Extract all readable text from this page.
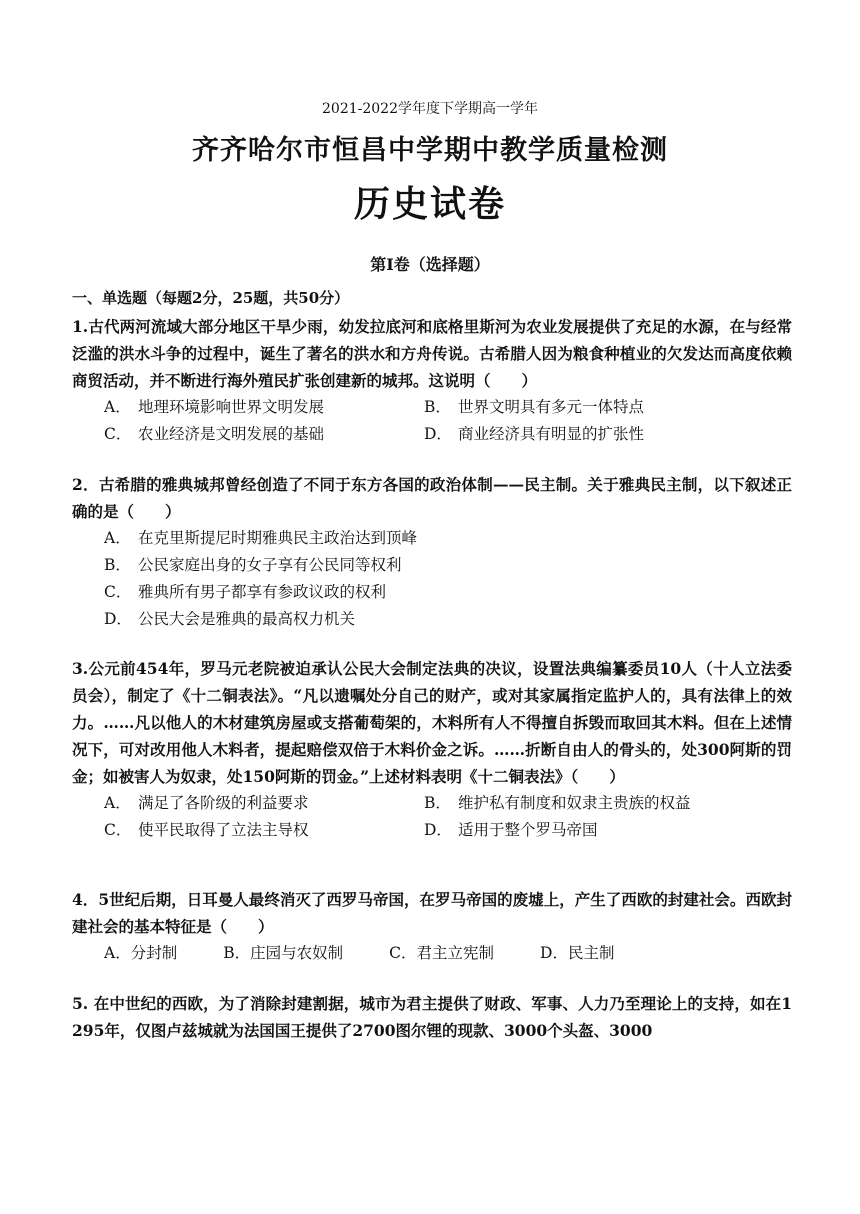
2021-2022学年度下学期高一学年
齐齐哈尔市恒昌中学期中教学质量检测
历史试卷
第Ⅰ卷（选择题）
一、单选题（每题2分，25题，共50分）
1.古代两河流域大部分地区干旱少雨，幼发拉底河和底格里斯河为农业发展提供了充足的水源，在与经常泛滥的洪水斗争的过程中，诞生了著名的洪水和方舟传说。古希腊人因为粮食种植业的欠发达而高度依赖商贸活动，并不断进行海外殖民扩张创建新的城邦。这说明（　　）
A． 地理环境影响世界文明发展	B． 世界文明具有多元一体特点
C． 农业经济是文明发展的基础	D． 商业经济具有明显的扩张性
2．古希腊的雅典城邦曾经创造了不同于东方各国的政治体制——民主制。关于雅典民主制，以下叙述正确的是（　　）
A． 在克里斯提尼时期雅典民主政治达到顶峰
B． 公民家庭出身的女子享有公民同等权利
C． 雅典所有男子都享有参政议政的权利
D． 公民大会是雅典的最高权力机关
3.公元前454年，罗马元老院被迫承认公民大会制定法典的决议，设置法典编纂委员10人（十人立法委员会），制定了《十二铜表法》。“凡以遗嘱处分自己的财产，或对其家属指定监护人的，具有法律上的效力。……凡以他人的木材建筑房屋或支搭葡萄架的，木料所有人不得擅自拆毁而取回其木料。但在上述情况下，可对改用他人木料者，提起赔偿双倍于木料价金之诉。……折断自由人的骨头的，处300阿斯的罚金；如被害人为奴隶，处150阿斯的罚金。”上述材料表明《十二铜表法》（　　）
A． 满足了各阶级的利益要求	B． 维护私有制度和奴隶主贵族的权益
C． 使平民取得了立法主导权	D． 适用于整个罗马帝国
4．5世纪后期，日耳曼人最终消灭了西罗马帝国，在罗马帝国的废墟上，产生了西欧的封建社会。西欧封建社会的基本特征是（　　）
A．分封制	B．庄园与农奴制	C．君主立宪制	D．民主制
5. 在中世纪的西欧，为了消除封建割据，城市为君主提供了财政、军事、人力乃至理论上的支持，如在1295年，仅图卢兹城就为法国国王提供了2700图尔锂的现款、3000个头盔、3000
